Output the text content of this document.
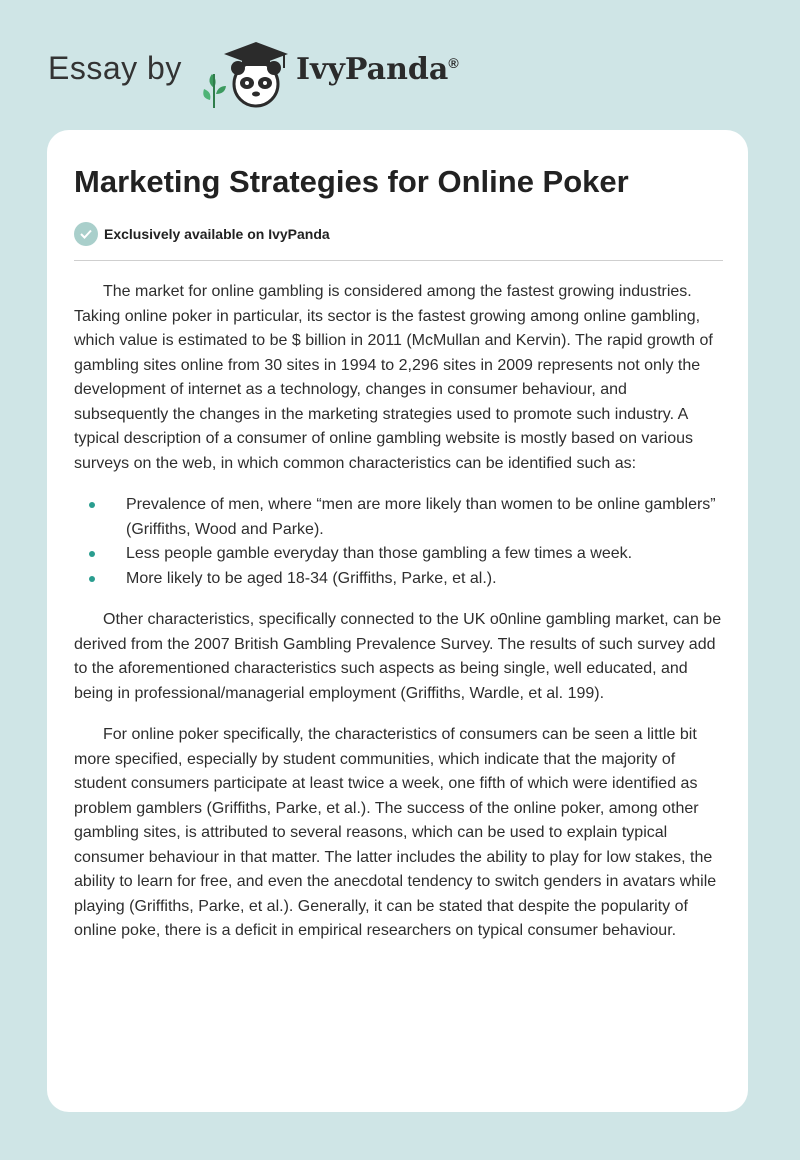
Essay by	IvyPanda®
Marketing Strategies for Online Poker
Exclusively available on IvyPanda

The market for online gambling is considered among the fastest growing industries. Taking online poker in particular, its sector is the fastest growing among online gambling, which value is estimated to be $ billion in 2011 (McMullan and Kervin). The rapid growth of gambling sites online from 30 sites in 1994 to 2,296 sites in 2009 represents not only the development of internet as a technology, changes in consumer behaviour, and subsequently the changes in the marketing strategies used to promote such industry. A typical description of a consumer of online gambling website is mostly based on various surveys on the web, in which common characteristics can be identified such as:

Prevalence of men, where “men are more likely than women to be online gamblers” (Griffiths, Wood and Parke).
Less people gamble everyday than those gambling a few times a week.
More likely to be aged 18-34 (Griffiths, Parke, et al.).

Other characteristics, specifically connected to the UK o0nline gambling market, can be derived from the 2007 British Gambling Prevalence Survey. The results of such survey add to the aforementioned characteristics such aspects as being single, well educated, and being in professional/managerial employment (Griffiths, Wardle, et al. 199).

For online poker specifically, the characteristics of consumers can be seen a little bit more specified, especially by student communities, which indicate that the majority of student consumers participate at least twice a week, one fifth of which were identified as problem gamblers (Griffiths, Parke, et al.). The success of the online poker, among other gambling sites, is attributed to several reasons, which can be used to explain typical consumer behaviour in that matter. The latter includes the ability to play for low stakes, the ability to learn for free, and even the anecdotal tendency to switch genders in avatars while playing (Griffiths, Parke, et al.). Generally, it can be stated that despite the popularity of online poke, there is a deficit in empirical researchers on typical consumer behaviour.
